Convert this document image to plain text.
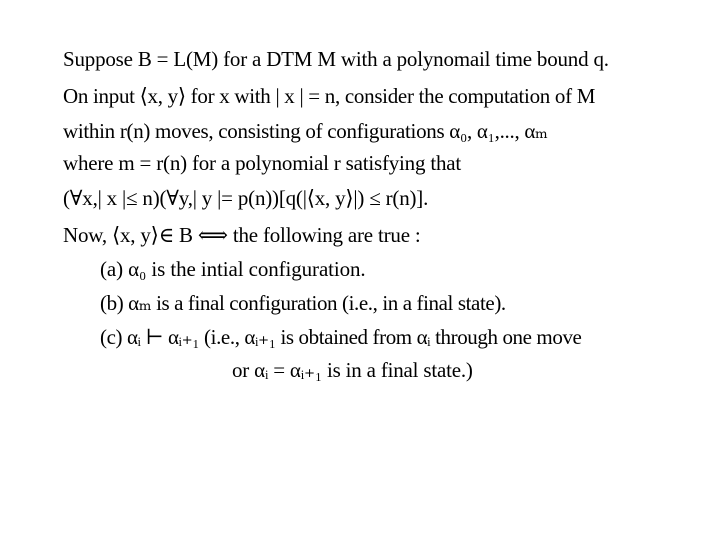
Suppose B = L(M) for a DTM M with a polynomail time bound q.
On input ⟨x, y⟩ for x with | x | = n, consider the computation of M
within r(n) moves, consisting of configurations α₀, α₁,..., αₘ
where m = r(n) for a polynomial r satisfying that
(∀x,| x |≤ n)(∀y,| y |= p(n))[q(|⟨x, y⟩|) ≤ r(n)].
Now, ⟨x, y⟩∈ B ⟺ the following are true :
(a) α₀ is the intial configuration.
(b) αₘ is a final configuration (i.e., in a final state).
(c) αᵢ ⊢ αᵢ₊₁ (i.e., αᵢ₊₁ is obtained from αᵢ through one move
or αᵢ = αᵢ₊₁ is in a final state.)
